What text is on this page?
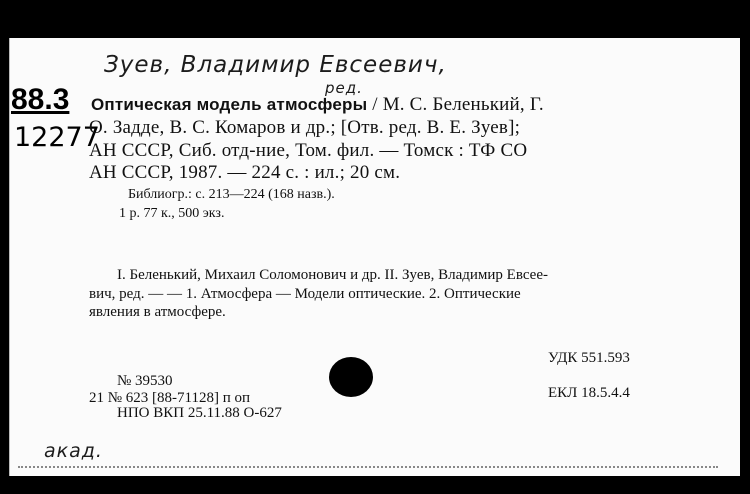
Зуев, Владимир Евсеевич,
ред.
акад.
88.3
12277
Оптическая модель атмосферы / М. С. Беленький, Г.
О. Задде, В. С. Комаров и др.; [Отв. ред. В. Е. Зуев];
АН СССР, Сиб. отд-ние, Том. фил. — Томск : ТФ СО
АН СССР, 1987. — 224 с. : ил.; 20 см.
Библиогр.: с. 213—224 (168 назв.).
1 р. 77 к., 500 экз.
I. Беленький, Михаил Соломонович и др. II. Зуев, Владимир Евсее-
вич, ред. — — 1. Атмосфера — Модели оптические. 2. Оптические
явления в атмосфере.
УДК 551.593
ЕКЛ 18.5.4.4
№ 39530
21 № 623 [88-71128] п оп
НПО ВКП 25.11.88 О-627
